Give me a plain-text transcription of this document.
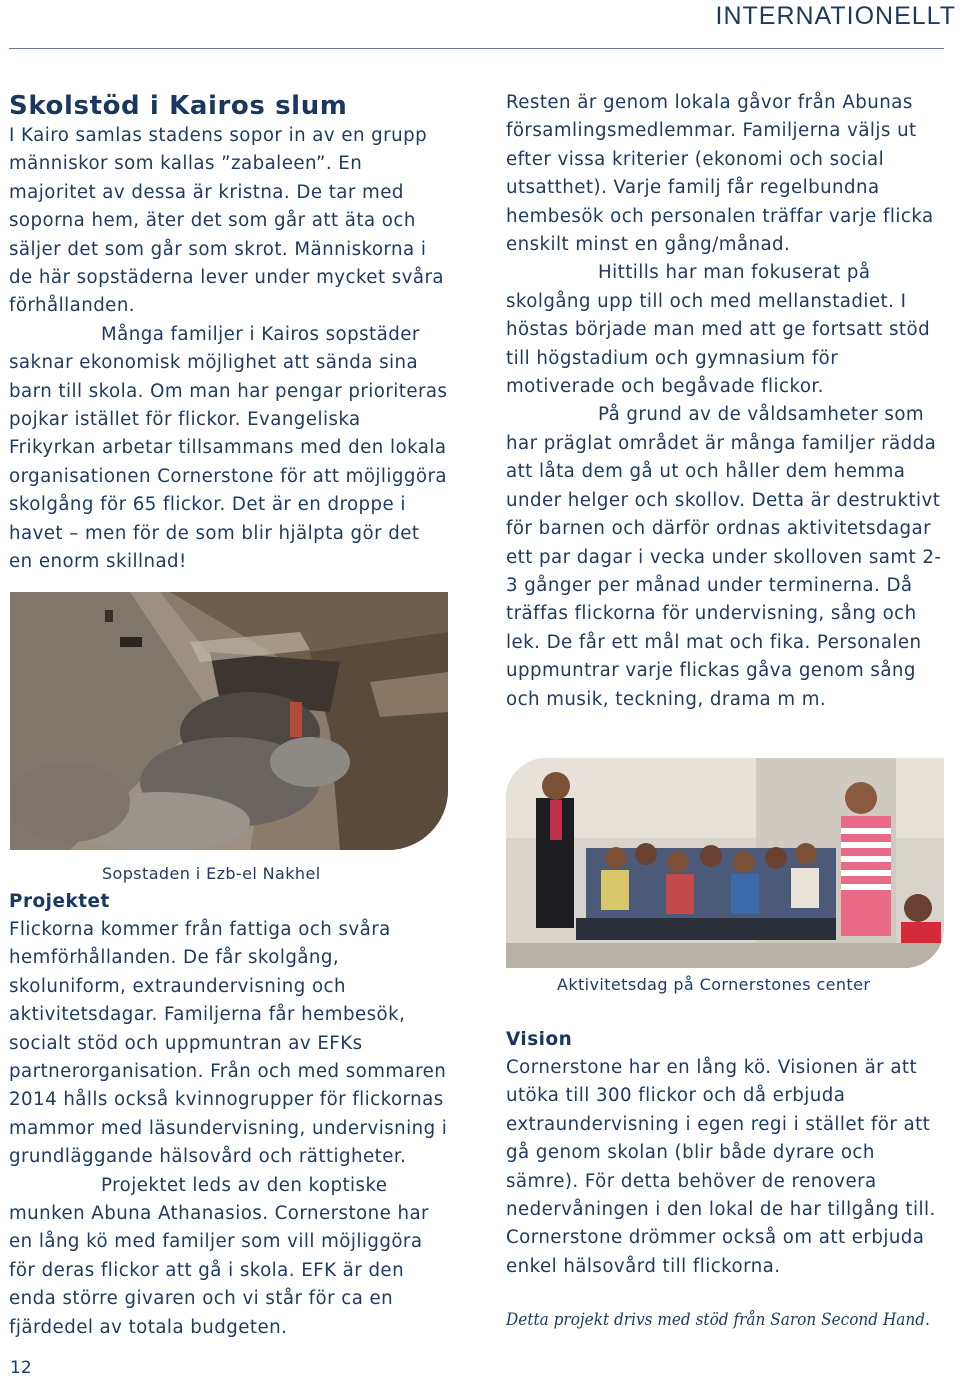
INTERNATIONELLT
Skolstöd i Kairos slum

I Kairo samlas stadens sopor in av en grupp människor som kallas ”zabaleen”. En majoritet av dessa är kristna. De tar med soporna hem, äter det som går att äta och säljer det som går som skrot. Människorna i de här sopstäderna lever under mycket svåra förhållanden.

Många familjer i Kairos sopstäder saknar ekonomisk möjlighet att sända sina barn till skola. Om man har pengar prioriteras pojkar istället för flickor. Evangeliska Frikyrkan arbetar tillsammans med den lokala organisationen Cornerstone för att möjliggöra skolgång för 65 flickor. Det är en droppe i havet – men för de som blir hjälpta gör det en enorm skillnad!

Sopstaden i Ezb-el Nakhel
Projektet

Flickorna kommer från fattiga och svåra hemförhållanden. De får skolgång, skoluniform, extraundervisning och aktivitetsdagar. Familjerna får hembesök, socialt stöd och uppmuntran av EFKs partnerorganisation. Från och med sommaren 2014 hålls också kvinnogrupper för flickornas mammor med läsundervisning, undervisning i grundläggande hälsovård och rättigheter.

Projektet leds av den koptiske munken Abuna Athanasios. Cornerstone har en lång kö med familjer som vill möjliggöra för deras flickor att gå i skola. EFK är den enda större givaren och vi står för ca en fjärdedel av totala budgeten.

Resten är genom lokala gåvor från Abunas församlingsmedlemmar. Familjerna väljs ut efter vissa kriterier (ekonomi och social utsatthet). Varje familj får regelbundna hembesök och personalen träffar varje flicka enskilt minst en gång/månad.

Hittills har man fokuserat på skolgång upp till och med mellanstadiet. I höstas började man med att ge fortsatt stöd till högstadium och gymnasium för motiverade och begåvade flickor.

På grund av de våldsamheter som har präglat området är många familjer rädda att låta dem gå ut och håller dem hemma under helger och skollov. Detta är destruktivt för barnen och därför ordnas aktivitetsdagar ett par dagar i vecka under skolloven samt 2-3 gånger per månad under terminerna. Då träffas flickorna för undervisning, sång och lek. De får ett mål mat och fika. Personalen uppmuntrar varje flickas gåva genom sång och musik, teckning, drama m m.

Aktivitetsdag på Cornerstones center
Vision

Cornerstone har en lång kö. Visionen är att utöka till 300 flickor och då erbjuda extraundervisning i egen regi i stället för att gå genom skolan (blir både dyrare och sämre). För detta behöver de renovera nedervåningen i den lokal de har tillgång till. Cornerstone drömmer också om att erbjuda enkel hälsovård till flickorna.

Detta projekt drivs med stöd från Saron Second Hand.
12
